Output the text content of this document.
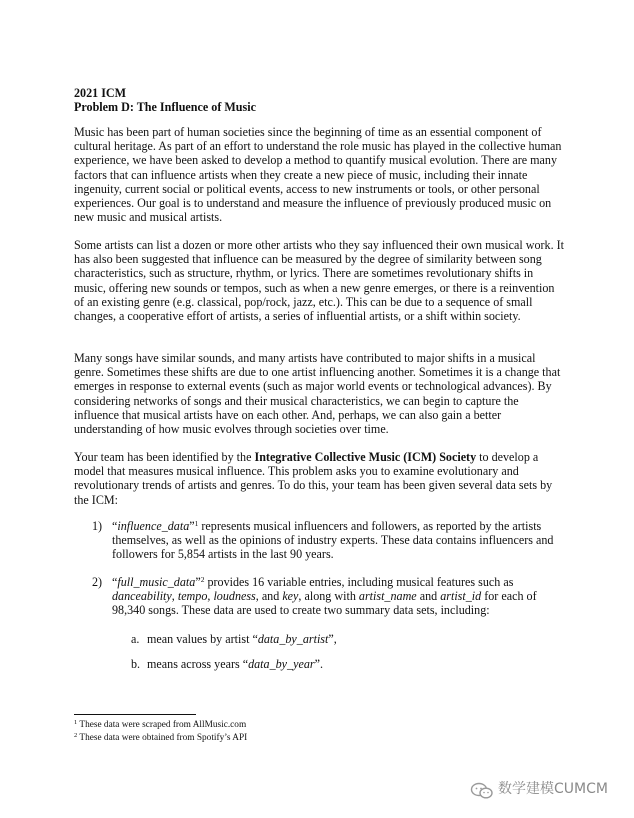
2021 ICM
Problem D: The Influence of Music
Music has been part of human societies since the beginning of time as an essential component of cultural heritage. As part of an effort to understand the role music has played in the collective human experience, we have been asked to develop a method to quantify musical evolution. There are many factors that can influence artists when they create a new piece of music, including their innate ingenuity, current social or political events, access to new instruments or tools, or other personal experiences. Our goal is to understand and measure the influence of previously produced music on new music and musical artists.
Some artists can list a dozen or more other artists who they say influenced their own musical work. It has also been suggested that influence can be measured by the degree of similarity between song characteristics, such as structure, rhythm, or lyrics. There are sometimes revolutionary shifts in music, offering new sounds or tempos, such as when a new genre emerges, or there is a reinvention of an existing genre (e.g. classical, pop/rock, jazz, etc.). This can be due to a sequence of small changes, a cooperative effort of artists, a series of influential artists, or a shift within society.
Many songs have similar sounds, and many artists have contributed to major shifts in a musical genre. Sometimes these shifts are due to one artist influencing another. Sometimes it is a change that emerges in response to external events (such as major world events or technological advances). By considering networks of songs and their musical characteristics, we can begin to capture the influence that musical artists have on each other. And, perhaps, we can also gain a better understanding of how music evolves through societies over time.
Your team has been identified by the Integrative Collective Music (ICM) Society to develop a model that measures musical influence. This problem asks you to examine evolutionary and revolutionary trends of artists and genres. To do this, your team has been given several data sets by the ICM:
1) “influence_data”$^1$ represents musical influencers and followers, as reported by the artists themselves, as well as the opinions of industry experts. These data contains influencers and followers for 5,854 artists in the last 90 years.
2) “full_music_data”$^2$ provides 16 variable entries, including musical features such as danceability, tempo, loudness, and key, along with artist_name and artist_id for each of 98,340 songs. These data are used to create two summary data sets, including:
a. mean values by artist “data_by_artist”,
b. means across years “data_by_year”.
$^1$ These data were scraped from AllMusic.com
$^2$ These data were obtained from Spotify’s API
数学建模CUMCM
